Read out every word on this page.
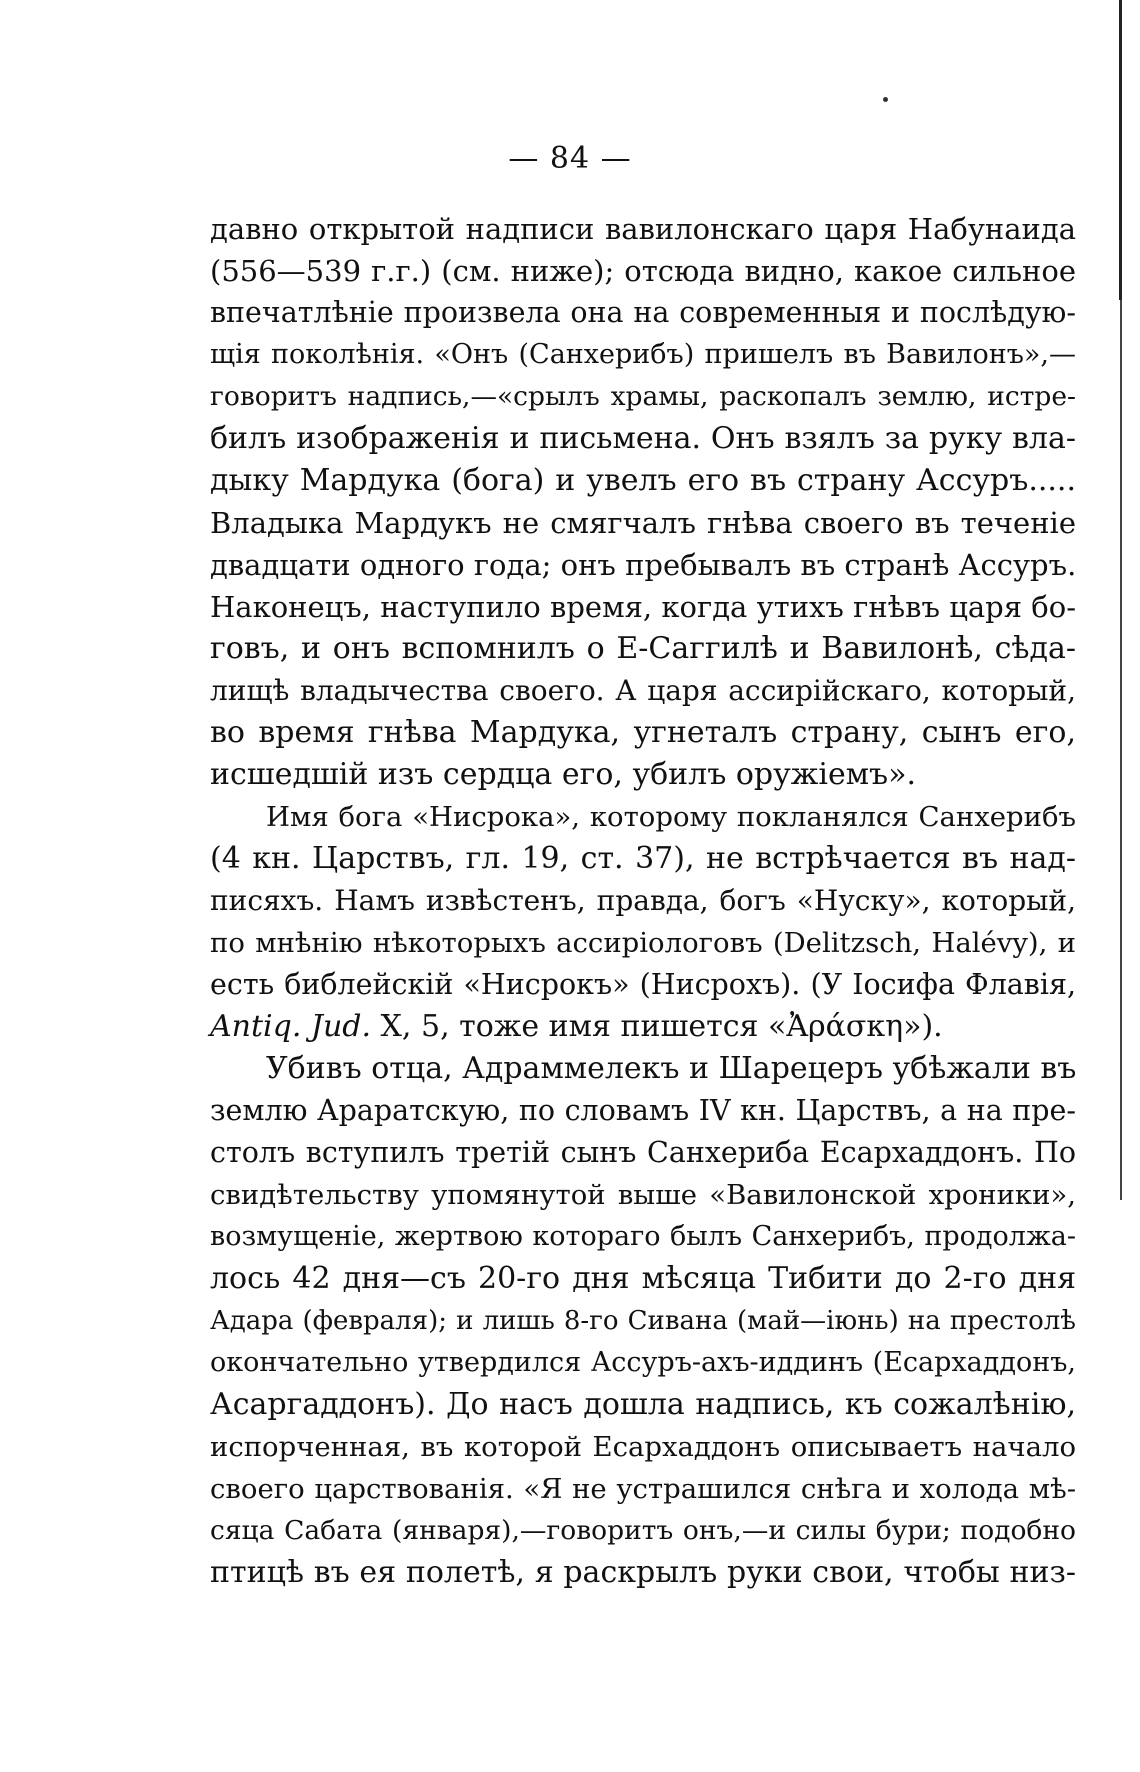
— 84 —
давно открытой надписи вавилонскаго царя Набунаида
(556—539 г.г.) (см. ниже); отсюда видно, какое сильное
впечатлѣніе произвела она на современныя и послѣдую-
щія поколѣнія. «Онъ (Санхерибъ) пришелъ въ Вавилонъ»,—
говоритъ надпись,—«срылъ храмы, раскопалъ землю, истре-
билъ изображенія и письмена. Онъ взялъ за руку вла-
дыку Мардука (бога) и увелъ его въ страну Ассуръ.....
Владыка Мардукъ не смягчалъ гнѣва своего въ теченіе
двадцати одного года; онъ пребывалъ въ странѣ Ассуръ.
Наконецъ, наступило время, когда утихъ гнѣвъ царя бо-
говъ, и онъ вспомнилъ о Е-Саггилѣ и Вавилонѣ, сѣда-
лищѣ владычества своего. А царя ассирійскаго, который,
во время гнѣва Мардука, угнеталъ страну, сынъ его,
исшедшій изъ сердца его, убилъ оружіемъ».
Имя бога «Нисрока», которому покланялся Санхерибъ
(4 кн. Царствъ, гл. 19, ст. 37), не встрѣчается въ над-
писяхъ. Намъ извѣстенъ, правда, богъ «Нуску», который,
по мнѣнію нѣкоторыхъ ассиріологовъ (Delitzsch, Halévy), и
есть библейскій «Нисрокъ» (Нисрохъ). (У Іосифа Флавія,
Antiq. Jud. X, 5, тоже имя пишется «Ἀράσκη»).
Убивъ отца, Адраммелекъ и Шарецеръ убѣжали въ
землю Араратскую, по словамъ IV кн. Царствъ, а на пре-
столъ вступилъ третій сынъ Санхериба Есархаддонъ. По
свидѣтельству упомянутой выше «Вавилонской хроники»,
возмущеніе, жертвою котораго былъ Санхерибъ, продолжа-
лось 42 дня—съ 20-го дня мѣсяца Тибити до 2-го дня
Адара (февраля); и лишь 8-го Сивана (май—іюнь) на престолѣ
окончательно утвердился Ассуръ-ахъ-иддинъ (Есархаддонъ,
Асаргаддонъ). До насъ дошла надпись, къ сожалѣнію,
испорченная, въ которой Есархаддонъ описываетъ начало
своего царствованія. «Я не устрашился снѣга и холода мѣ-
сяца Сабата (января),—говоритъ онъ,—и силы бури; подобно
птицѣ въ ея полетѣ, я раскрылъ руки свои, чтобы низ-
